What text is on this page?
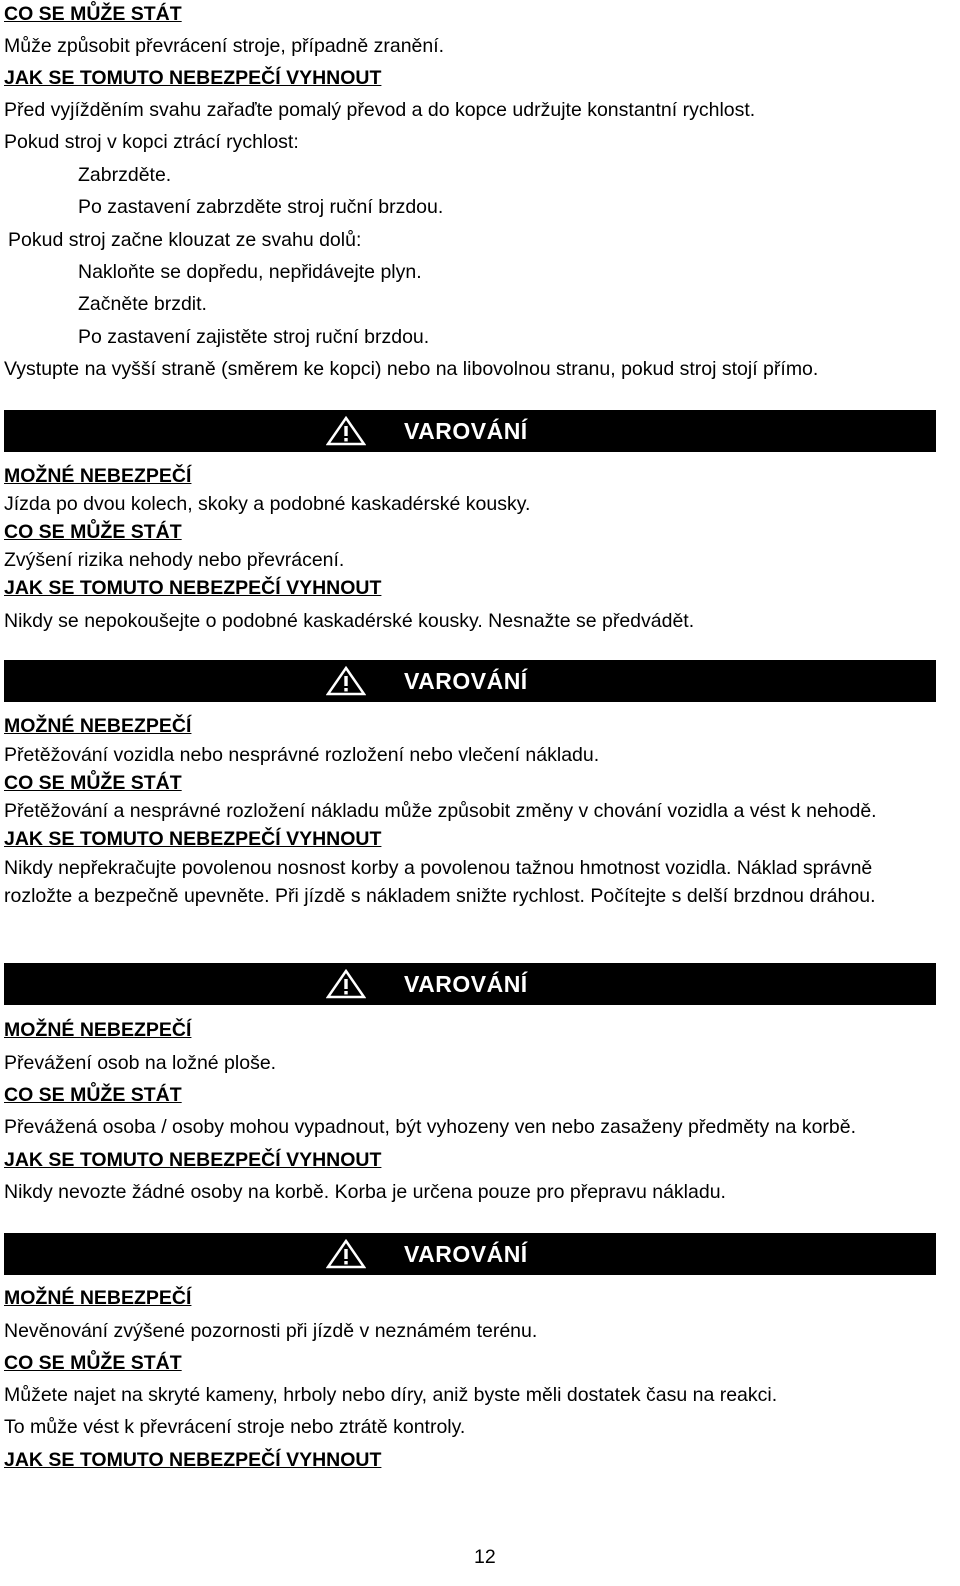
CO SE MŮŽE STÁT
Může způsobit převrácení stroje, případně zranění.
JAK SE TOMUTO NEBEZPEČÍ VYHNOUT
Před vyjížděním svahu zařaďte pomalý převod a do kopce udržujte konstantní rychlost.
Pokud stroj v kopci ztrácí rychlost:
Zabrzděte.
Po zastavení zabrzděte stroj ruční brzdou.
Pokud stroj začne klouzat ze svahu dolů:
Nakloňte se dopředu, nepřidávejte plyn.
Začněte brzdit.
Po zastavení zajistěte stroj ruční brzdou.
Vystupte na vyšší straně (směrem ke kopci) nebo na libovolnou stranu, pokud stroj stojí přímo.
VAROVÁNÍ
MOŽNÉ NEBEZPEČÍ
Jízda po dvou kolech, skoky a podobné kaskadérské kousky.
CO SE MŮŽE STÁT
Zvýšení rizika nehody nebo převrácení.
JAK SE TOMUTO NEBEZPEČÍ VYHNOUT
Nikdy se nepokoušejte o podobné kaskadérské kousky. Nesnažte se předvádět.
VAROVÁNÍ
MOŽNÉ NEBEZPEČÍ
Přetěžování vozidla nebo nesprávné rozložení nebo vlečení nákladu.
CO SE MŮŽE STÁT
Přetěžování a nesprávné rozložení nákladu může způsobit změny v chování vozidla a vést k nehodě.
JAK SE TOMUTO NEBEZPEČÍ VYHNOUT
Nikdy nepřekračujte povolenou nosnost korby a povolenou tažnou hmotnost vozidla. Náklad správně
rozložte a bezpečně upevněte. Při jízdě s nákladem snižte rychlost. Počítejte s delší brzdnou dráhou.
VAROVÁNÍ
MOŽNÉ NEBEZPEČÍ
Převážení osob na ložné ploše.
CO SE MŮŽE STÁT
Převážená osoba / osoby mohou vypadnout, být vyhozeny ven nebo zasaženy předměty na korbě.
JAK SE TOMUTO NEBEZPEČÍ VYHNOUT
Nikdy nevozte žádné osoby na korbě. Korba je určena pouze pro přepravu nákladu.
VAROVÁNÍ
MOŽNÉ NEBEZPEČÍ
Nevěnování zvýšené pozornosti při jízdě v neznámém terénu.
CO SE MŮŽE STÁT
Můžete najet na skryté kameny, hrboly nebo díry, aniž byste měli dostatek času na reakci.
To může vést k převrácení stroje nebo ztrátě kontroly.
JAK SE TOMUTO NEBEZPEČÍ VYHNOUT
12
